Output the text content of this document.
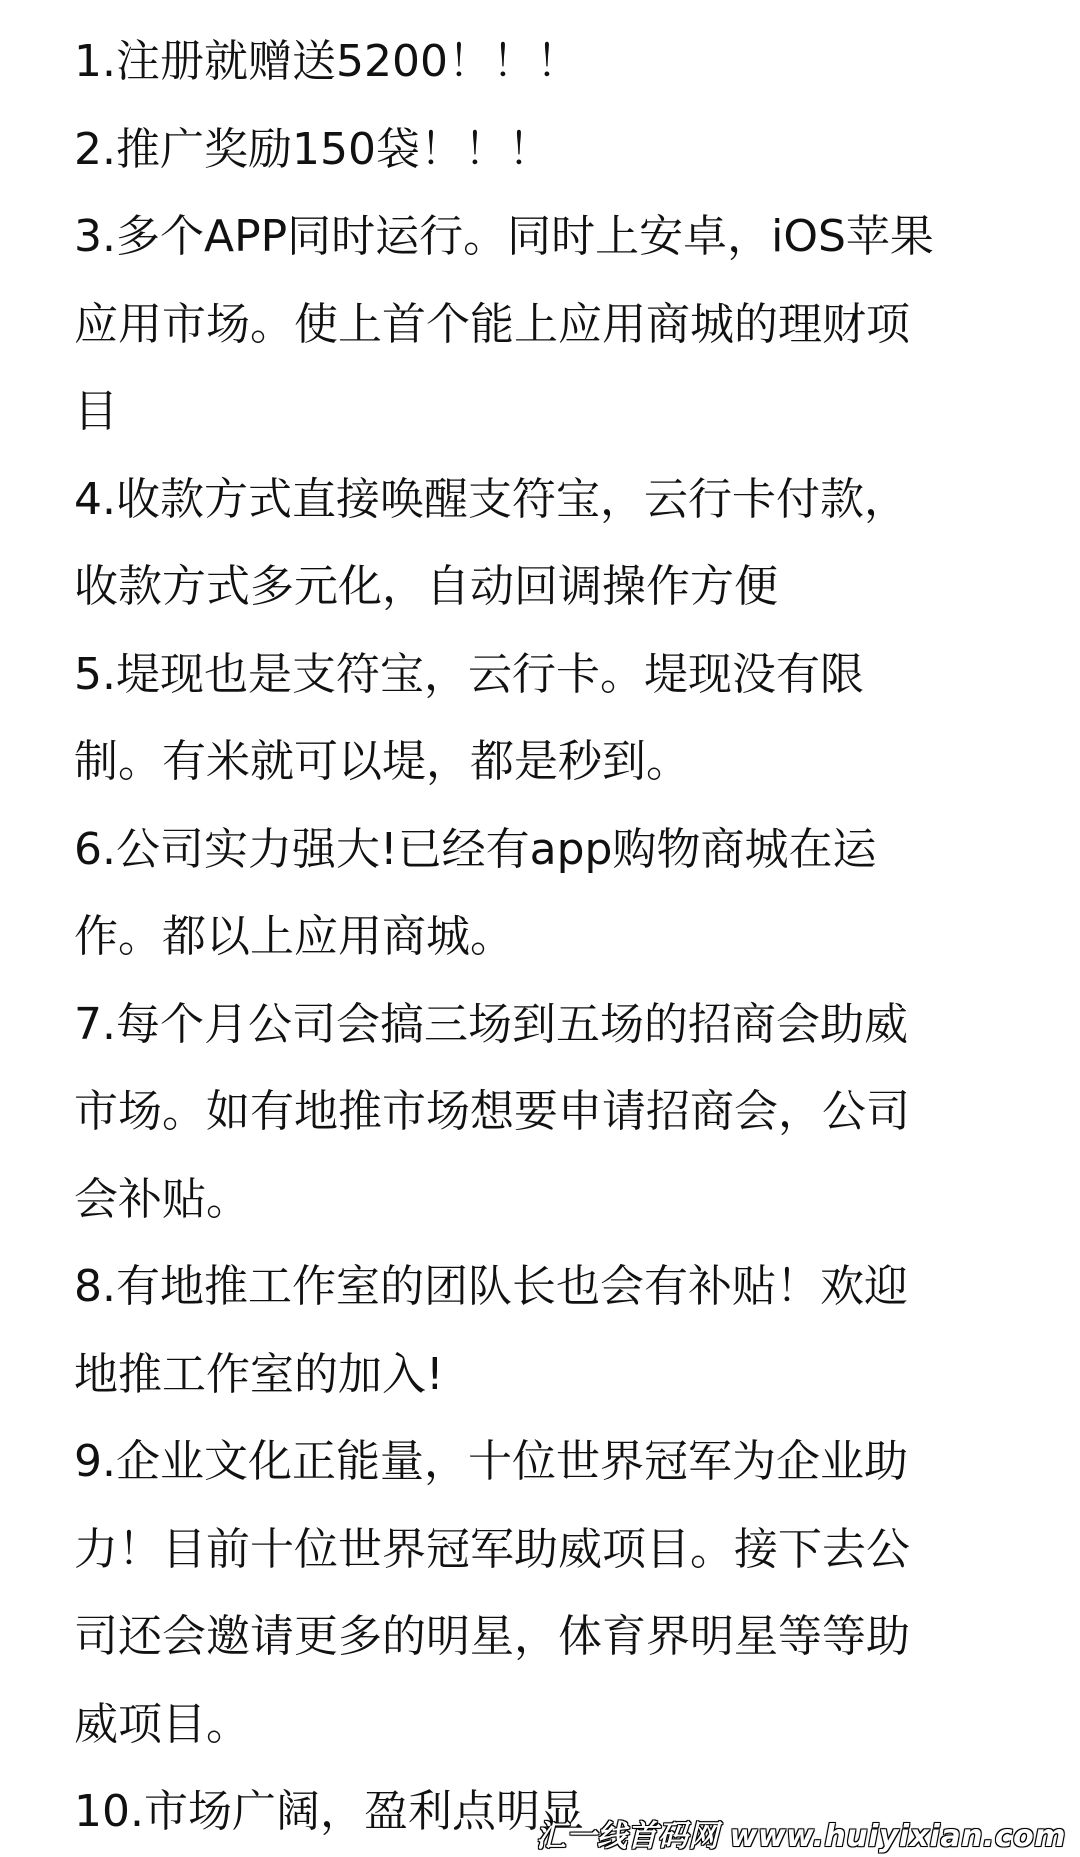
1.注册就赠送5200！！！
2.推广奖励150袋！！！
3.多个APP同时运行。同时上安卓，iOS苹果
应用市场。使上首个能上应用商城的理财项
目
4.收款方式直接唤醒支符宝，云行卡付款，
收款方式多元化，自动回调操作方便
5.堤现也是支符宝，云行卡。堤现没有限
制。有米就可以堤，都是秒到。
6.公司实力强大!已经有app购物商城在运
作。都以上应用商城。
7.每个月公司会搞三场到五场的招商会助威
市场。如有地推市场想要申请招商会，公司
会补贴。
8.有地推工作室的团队长也会有补贴！欢迎
地推工作室的加入!
9.企业文化正能量，十位世界冠军为企业助
力！目前十位世界冠军助威项目。接下去公
司还会邀请更多的明星，体育界明星等等助
威项目。
10.市场广阔，盈利点明显
汇一线首码网 www.huiyixian.com
